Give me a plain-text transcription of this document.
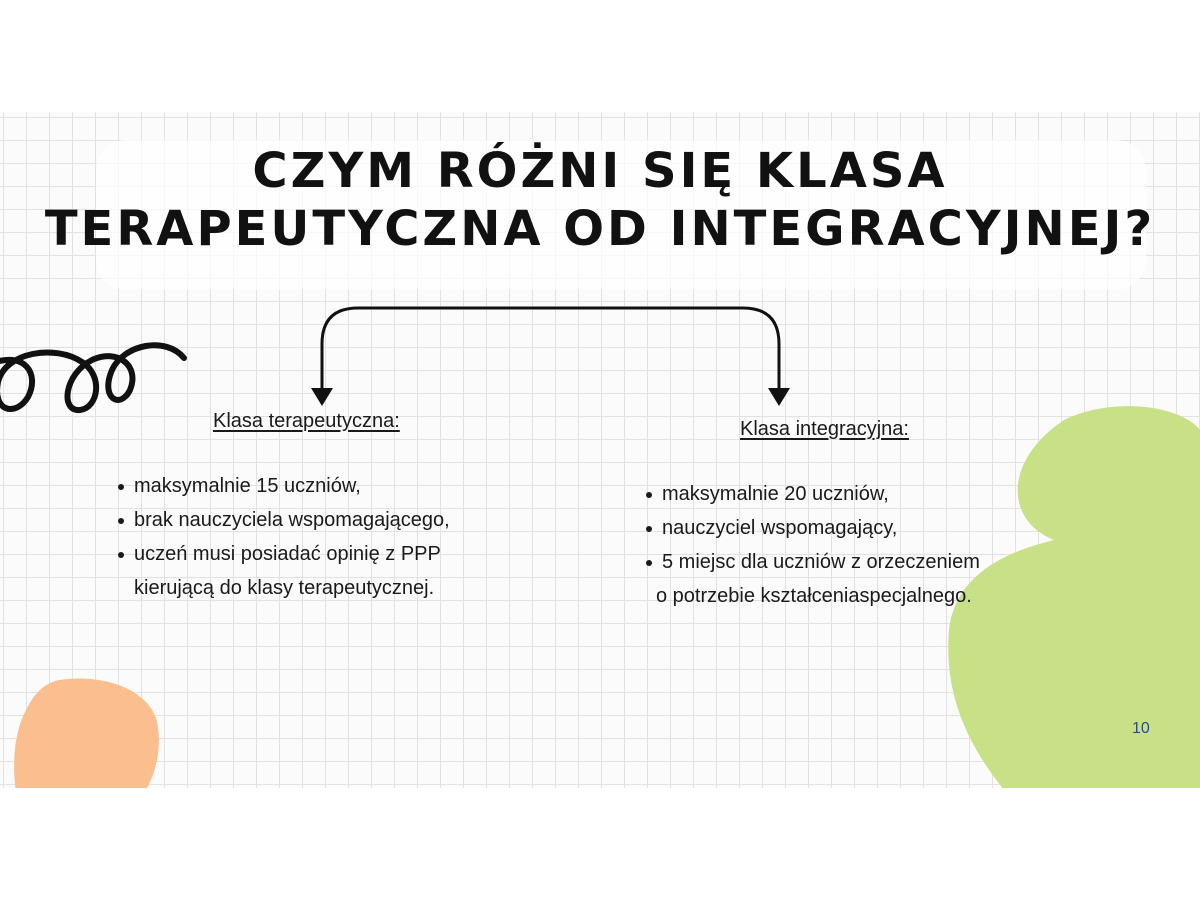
CZYM RÓŻNI SIĘ KLASA
TERAPEUTYCZNA OD INTEGRACYJNEJ?

Klasa terapeutyczna:

maksymalnie 15 uczniów,
brak nauczyciela wspomagającego,
uczeń musi posiadać opinię z PPP
kierującą do klasy terapeutycznej.

Klasa integracyjna:

maksymalnie 20 uczniów,
nauczyciel wspomagający,
5 miejsc dla uczniów z orzeczeniem
o potrzebie kształceniaspecjalnego.
10
